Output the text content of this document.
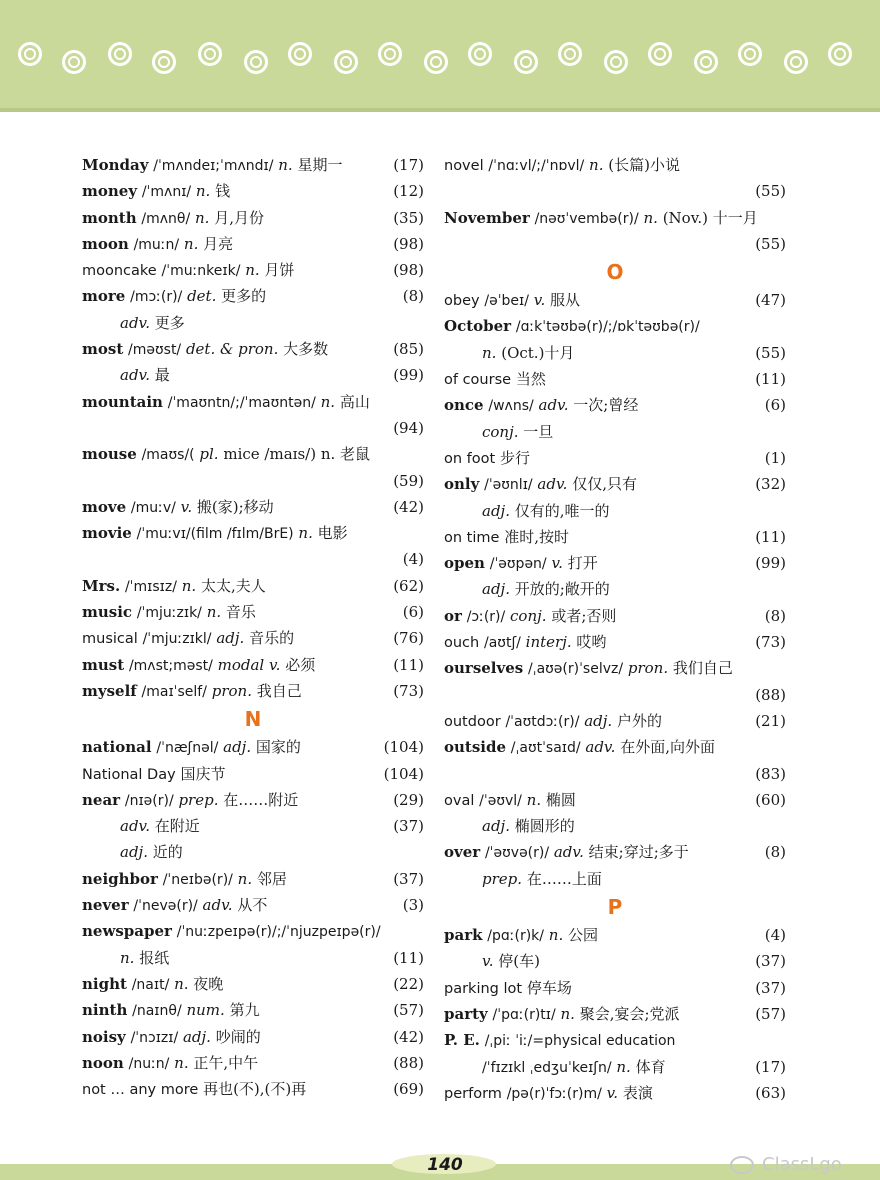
Monday /ˈmʌndeɪ;ˈmʌndɪ/ n. 星期一	(17)
money /ˈmʌnɪ/ n. 钱	(12)
month /mʌnθ/ n. 月,月份	(35)
moon /muːn/ n. 月亮	(98)
mooncake /ˈmuːnkeɪk/ n. 月饼	(98)
more /mɔː(r)/ det. 更多的	(8)
adv. 更多
most /məʊst/ det. & pron. 大多数	(85)
adv. 最	(99)
mountain /ˈmaʊntn/;/ˈmaʊntən/ n. 高山
(94)
mouse /maʊs/( pl. mice /maɪs/) n. 老鼠
(59)
move /muːv/ v. 搬(家);移动	(42)
movie /ˈmuːvɪ/(film /fɪlm/BrE) n. 电影
(4)
Mrs. /ˈmɪsɪz/ n. 太太,夫人	(62)
music /ˈmjuːzɪk/ n. 音乐	(6)
musical /ˈmjuːzɪkl/ adj. 音乐的	(76)
must /mʌst;məst/ modal v. 必须	(11)
myself /maɪˈself/ pron. 我自己	(73)
N
national /ˈnæʃnəl/ adj. 国家的	(104)
National Day 国庆节	(104)
near /nɪə(r)/ prep. 在……附近	(29)
adv. 在附近	(37)
adj. 近的
neighbor /ˈneɪbə(r)/ n. 邻居	(37)
never /ˈnevə(r)/ adv. 从不	(3)
newspaper /ˈnuːzpeɪpə(r)/;/ˈnjuzpeɪpə(r)/
n. 报纸	(11)
night /naɪt/ n. 夜晚	(22)
ninth /naɪnθ/ num. 第九	(57)
noisy /ˈnɔɪzɪ/ adj. 吵闹的	(42)
noon /nuːn/ n. 正午,中午	(88)
not … any more 再也(不),(不)再	(69)
novel /ˈnɑːvl/;/ˈnɒvl/ n. (长篇)小说
(55)
November /nəʊˈvembə(r)/ n. (Nov.) 十一月
(55)
O
obey /əˈbeɪ/ v. 服从	(47)
October /ɑːkˈtəʊbə(r)/;/ɒkˈtəʊbə(r)/
n. (Oct.)十月	(55)
of course 当然	(11)
once /wʌns/ adv. 一次;曾经	(6)
conj. 一旦
on foot 步行	(1)
only /ˈəʊnlɪ/ adv. 仅仅,只有	(32)
adj. 仅有的,唯一的
on time 准时,按时	(11)
open /ˈəʊpən/ v. 打开	(99)
adj. 开放的;敞开的
or /ɔː(r)/ conj. 或者;否则	(8)
ouch /aʊtʃ/ interj. 哎哟	(73)
ourselves /ˌaʊə(r)ˈselvz/ pron. 我们自己
(88)
outdoor /ˈaʊtdɔː(r)/ adj. 户外的	(21)
outside /ˌaʊtˈsaɪd/ adv. 在外面,向外面
(83)
oval /ˈəʊvl/ n. 椭圆	(60)
adj. 椭圆形的
over /ˈəʊvə(r)/ adv. 结束;穿过;多于	(8)
prep. 在……上面
P
park /pɑː(r)k/ n. 公园	(4)
v. 停(车)	(37)
parking lot 停车场	(37)
party /ˈpɑː(r)tɪ/ n. 聚会,宴会;党派	(57)
P. E. /ˌpiː ˈiː/=physical education
/ˈfɪzɪkl ˌedʒuˈkeɪʃn/ n. 体育	(17)
perform /pə(r)ˈfɔː(r)m/ v. 表演	(63)
140	ClassLgo
